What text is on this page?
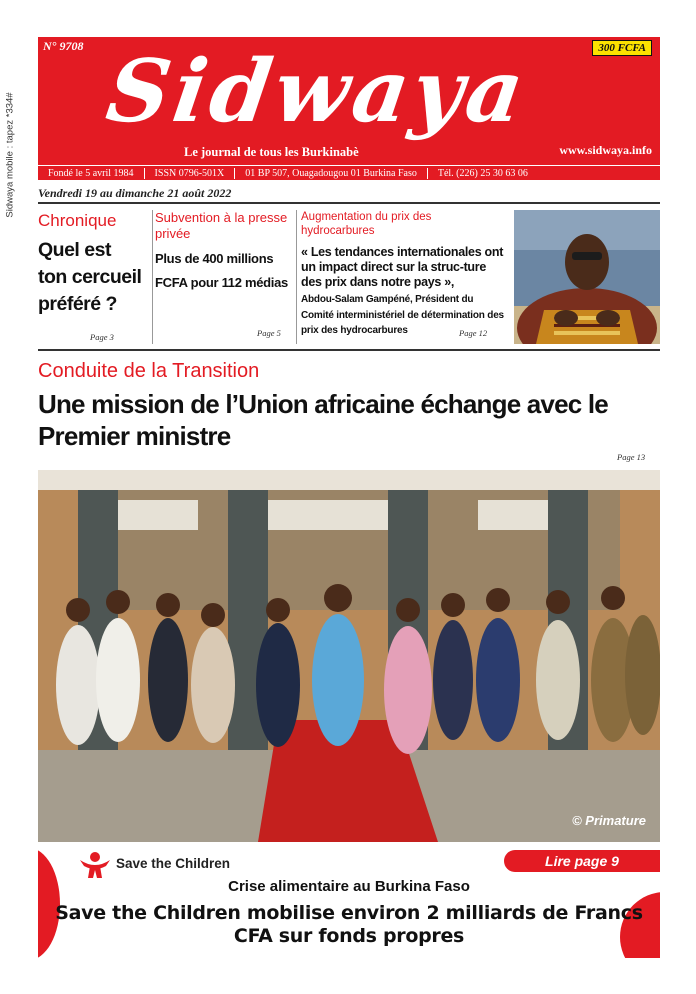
Sidwaya mobile : tapez *334#
N° 9708	300 FCFA
Sidwaya
Le journal de tous les Burkinabè	www.sidwaya.info
Fondé le 5 avril 1984	ISSN 0796-501X	01 BP 507, Ouagadougou 01 Burkina Faso	Tél. (226) 25 30 63 06
Vendredi 19 au dimanche 21 août 2022
Chronique
Quel est ton cercueil préféré ?
Page 3
Subvention à la presse privée
Plus de 400 millions FCFA pour 112 médias
Page 5
Augmentation du prix des hydrocarbures
« Les tendances internationales ont un impact direct sur la struc-ture des prix dans notre pays »,
Abdou-Salam Gampéné, Président du Comité interministériel de détermination des prix des hydrocarbures	Page 12
Conduite de la Transition
Une mission de l’Union africaine échange avec le Premier ministre
Page 13
© Primature
Save the Children	Lire page 9
Crise alimentaire au Burkina Faso
Save the Children mobilise environ 2 milliards de Francs CFA sur fonds propres
